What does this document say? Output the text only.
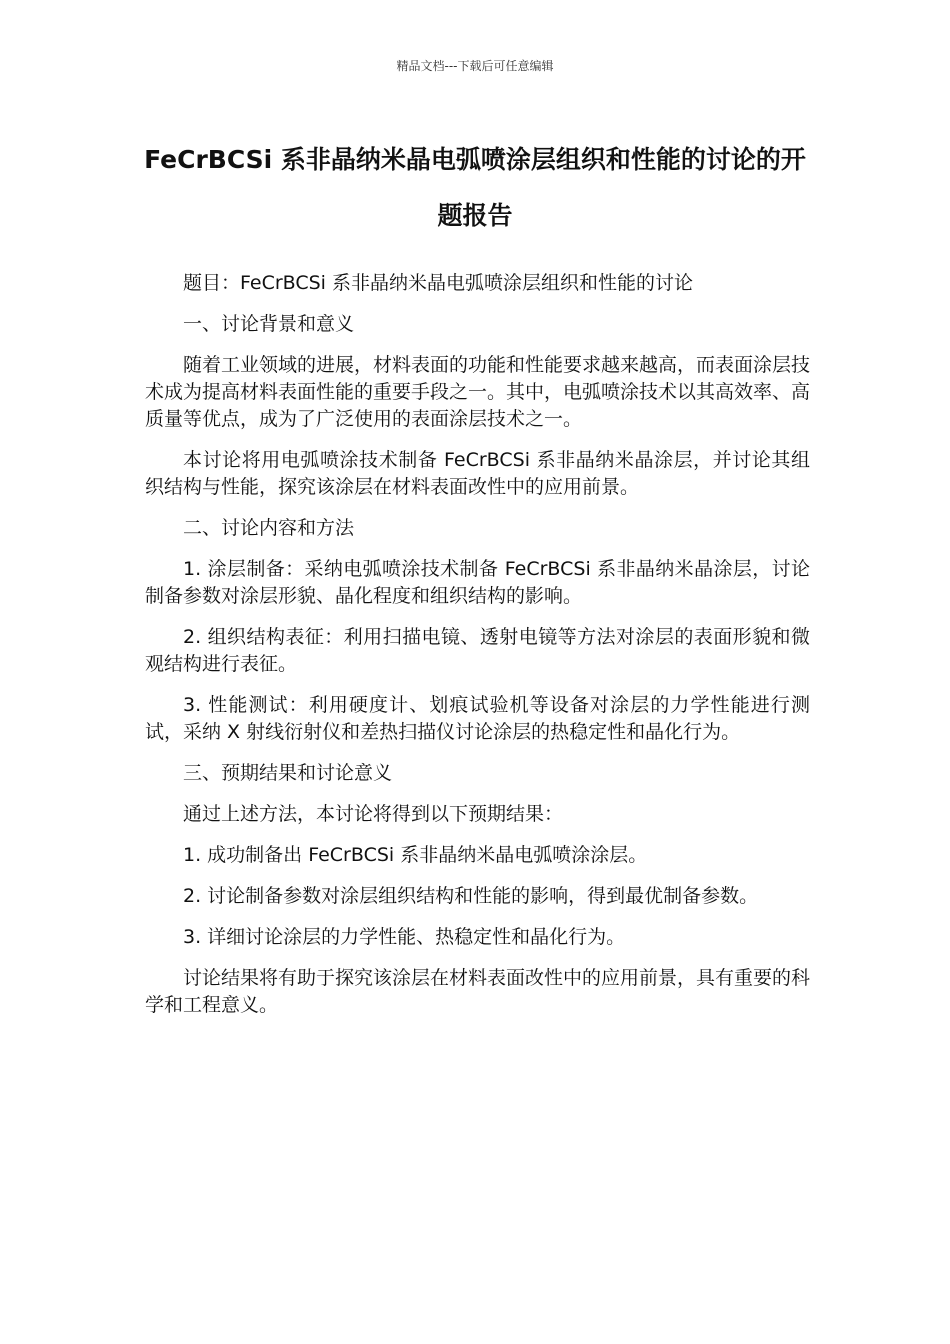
精品文档---下载后可任意编辑
FeCrBCSi 系非晶纳米晶电弧喷涂层组织和性能的讨论的开题报告

题目：FeCrBCSi 系非晶纳米晶电弧喷涂层组织和性能的讨论

一、讨论背景和意义

随着工业领域的进展，材料表面的功能和性能要求越来越高，而表面涂层技术成为提高材料表面性能的重要手段之一。其中，电弧喷涂技术以其高效率、高质量等优点，成为了广泛使用的表面涂层技术之一。

本讨论将用电弧喷涂技术制备 FeCrBCSi 系非晶纳米晶涂层，并讨论其组织结构与性能，探究该涂层在材料表面改性中的应用前景。

二、讨论内容和方法

1. 涂层制备：采纳电弧喷涂技术制备 FeCrBCSi 系非晶纳米晶涂层，讨论制备参数对涂层形貌、晶化程度和组织结构的影响。

2. 组织结构表征：利用扫描电镜、透射电镜等方法对涂层的表面形貌和微观结构进行表征。

3. 性能测试：利用硬度计、划痕试验机等设备对涂层的力学性能进行测试，采纳 X 射线衍射仪和差热扫描仪讨论涂层的热稳定性和晶化行为。

三、预期结果和讨论意义

通过上述方法，本讨论将得到以下预期结果：

1. 成功制备出 FeCrBCSi 系非晶纳米晶电弧喷涂涂层。

2. 讨论制备参数对涂层组织结构和性能的影响，得到最优制备参数。

3. 详细讨论涂层的力学性能、热稳定性和晶化行为。

讨论结果将有助于探究该涂层在材料表面改性中的应用前景，具有重要的科学和工程意义。
